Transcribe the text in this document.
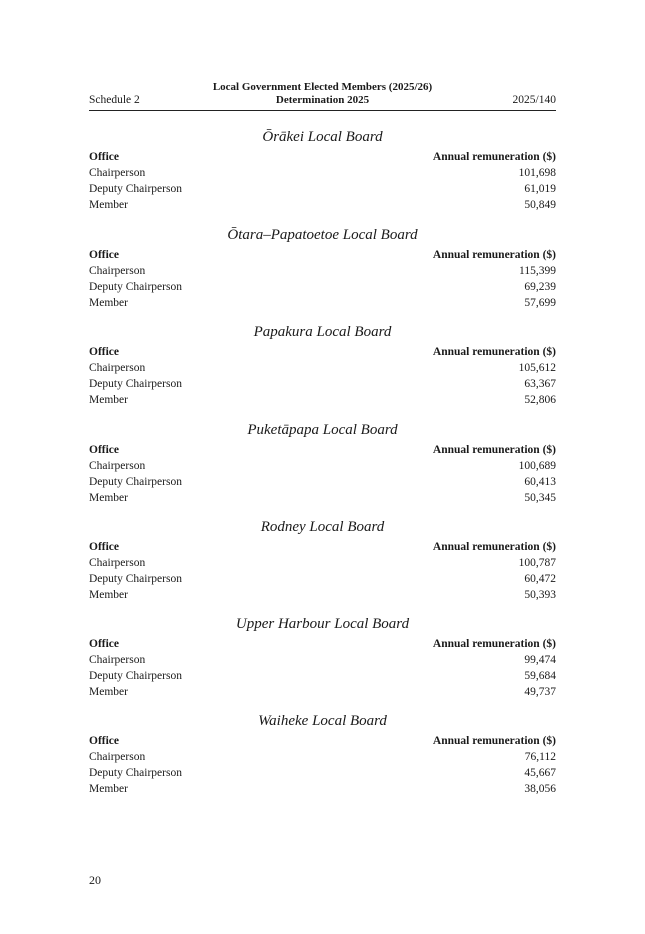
Schedule 2
Local Government Elected Members (2025/26)
Determination 2025	2025/140
Ōrākei Local Board
Office	Annual remuneration ($)
Chairperson	101,698
Deputy Chairperson	61,019
Member	50,849
Ōtara–Papatoetoe Local Board
Office	Annual remuneration ($)
Chairperson	115,399
Deputy Chairperson	69,239
Member	57,699
Papakura Local Board
Office	Annual remuneration ($)
Chairperson	105,612
Deputy Chairperson	63,367
Member	52,806
Puketāpapa Local Board
Office	Annual remuneration ($)
Chairperson	100,689
Deputy Chairperson	60,413
Member	50,345
Rodney Local Board
Office	Annual remuneration ($)
Chairperson	100,787
Deputy Chairperson	60,472
Member	50,393
Upper Harbour Local Board
Office	Annual remuneration ($)
Chairperson	99,474
Deputy Chairperson	59,684
Member	49,737
Waiheke Local Board
Office	Annual remuneration ($)
Chairperson	76,112
Deputy Chairperson	45,667
Member	38,056
20
